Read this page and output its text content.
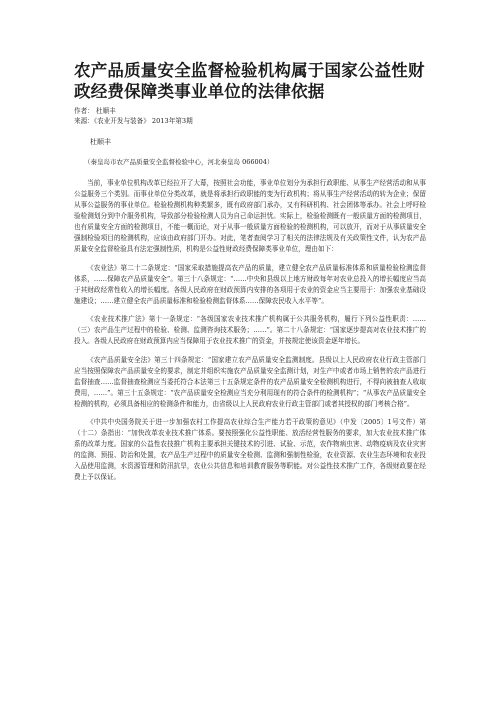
农产品质量安全监督检验机构属于国家公益性财政经费保障类事业单位的法律依据
作者： 杜顺丰
来源：《农业开发与装备》 2013年第3期
杜顺丰
（秦皇岛市农产品质量安全监督检验中心，河北秦皇岛 066004）

当前，事业单位机构改革已经拉开了大幕，按照社会功能，事业单位划分为承担行政职能、从事生产经营活动和从事公益服务三个类别。而事业单位分类改革，就是将承担行政职能的变为行政机构；将从事生产经营活动的转为企业；保留从事公益服务的事业单位。检验检测机构种类繁多，既有政府部门承办，又有科研机构、社会团体等承办。社会上呼吁检验检测划分到中介服务机构，导致部分检验检测人员为自己命运担忧。实际上，检验检测既有一般质量方面的检测项目，也有质量安全方面的检测项目，不能一概而论，对于从事一般质量方面检验的检测机构，可以放开，而对于从事质量安全强制检验项目的检测机构，应该由政府部门开办。对此，笔者查阅学习了相关的法律法规及有关政策性文件，认为农产品质量安全监督检验具有法定强制性质，机构是公益性财政经费保障类事业单位，理由如下：

《农业法》第二十二条规定：“国家采取措施提高农产品的质量，建立健全农产品质量标准体系和质量检验检测监督体系，……保障农产品质量安全”。第三十八条规定：“……中央和县级以上地方财政每年对农业总投入的增长幅度应当高于其财政经常性收入的增长幅度。各级人民政府在财政预算内安排的各项用于农业的资金应当主要用于：加强农业基础设施建设；……建立健全农产品质量标准和检验检测监督体系……保障农民收入水平等”。

《农业技术推广法》第十一条规定：“各级国家农业技术推广机构属于公共服务机构，履行下列公益性职责：……（三）农产品生产过程中的检验、检测、监测咨询技术服务；……”。第二十八条规定：“国家逐步提高对农业技术推广的投入。各级人民政府在财政预算内应当保障用于农业技术推广的资金，并按规定使该资金逐年增长。

《农产品质量安全法》第三十四条规定：“国家建立农产品质量安全监测制度。县级以上人民政府农业行政主管部门应当按照保障农产品质量安全的要求，制定并组织实施农产品质量安全监测计划，对生产中或者市场上销售的农产品进行监督抽查……监督抽查检测应当委托符合本法第三十五条规定条件的农产品质量安全检测机构进行，不得向被抽查人收取费用，……”。第三十五条规定：“农产品质量安全检测应当充分利用现有的符合条件的检测机构”；“从事农产品质量安全检测的机构，必须具备相应的检测条件和能力，由省级以上人民政府农业行政主管部门或者其授权的部门考核合格”。

《中共中央国务院关于进一步加强农村工作提高农业综合生产能力若干政策的意见》（中发〔2005〕1号文件）第（十二）条指出：“加快改革农业技术推广体系。要按照强化公益性职能、放活经营性服务的要求，加大农业技术推广体系的改革力度。国家的公益性农技推广机构主要承担关键技术的引进、试验、示范，农作物病虫害、动物疫病及农业灾害的监测、预报、防治和处置，农产品生产过程中的质量安全检测、监测和强制性检验，农业资源、农业生态环境和农业投入品使用监测，水资源管理和防汛抗旱，农业公共信息和培训教育服务等职能。对公益性技术推广工作，各级财政要在经费上予以保证。
